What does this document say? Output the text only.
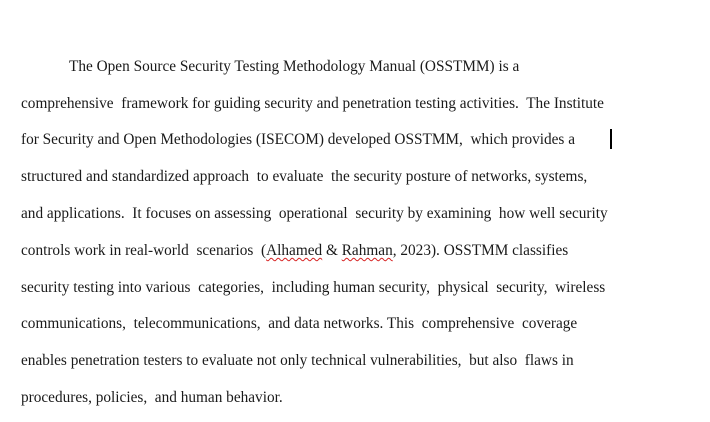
The Open Source Security Testing Methodology Manual (OSSTMM) is a
comprehensive  framework for guiding security and penetration testing activities.  The Institute
for Security and Open Methodologies (ISECOM) developed OSSTMM,  which provides a
structured and standardized approach  to evaluate  the security posture of networks, systems,
and applications.  It focuses on assessing  operational  security by examining  how well security
controls work in real-world  scenarios  (Alhamed & Rahman, 2023). OSSTMM classifies
security testing into various  categories,  including human security,  physical  security,  wireless
communications,  telecommunications,  and data networks. This  comprehensive  coverage
enables penetration testers to evaluate not only technical vulnerabilities,  but also  flaws in
procedures, policies,  and human behavior.
